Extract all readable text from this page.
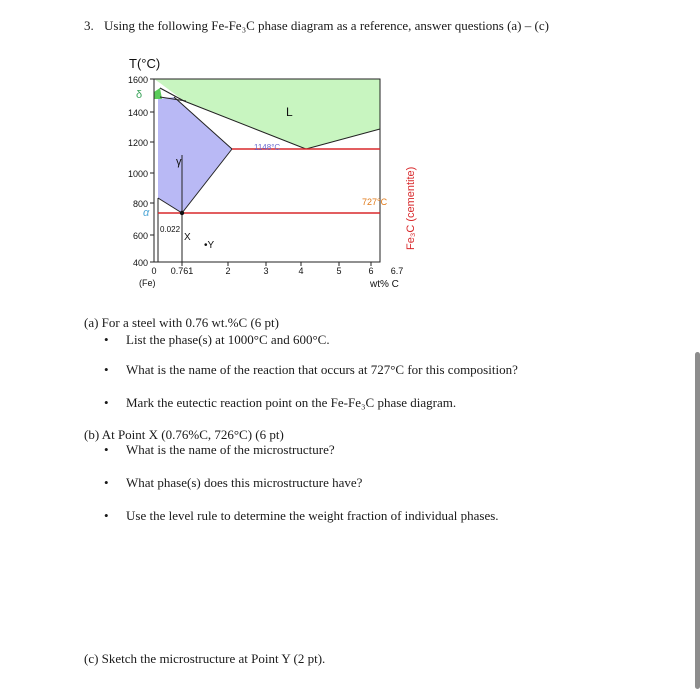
3. Using the following Fe-Fe₃C phase diagram as a reference, answer questions (a) – (c)
T(°C)
1600
1400
1200
1000
800
600
400
0 0.761	2	3	4	5	6 6.7
(Fe)	wt% C
L
γ
δ
α
1148°C
727°C
0.022
X
•Y	Fe₃C (cementite)
(a) For a steel with 0.76 wt.%C (6 pt)
• List the phase(s) at 1000°C and 600°C.
• What is the name of the reaction that occurs at 727°C for this composition?
• Mark the eutectic reaction point on the Fe-Fe₃C phase diagram.
(b) At Point X (0.76%C, 726°C) (6 pt)
• What is the name of the microstructure?
• What phase(s) does this microstructure have?
• Use the level rule to determine the weight fraction of individual phases.
(c) Sketch the microstructure at Point Y (2 pt).
